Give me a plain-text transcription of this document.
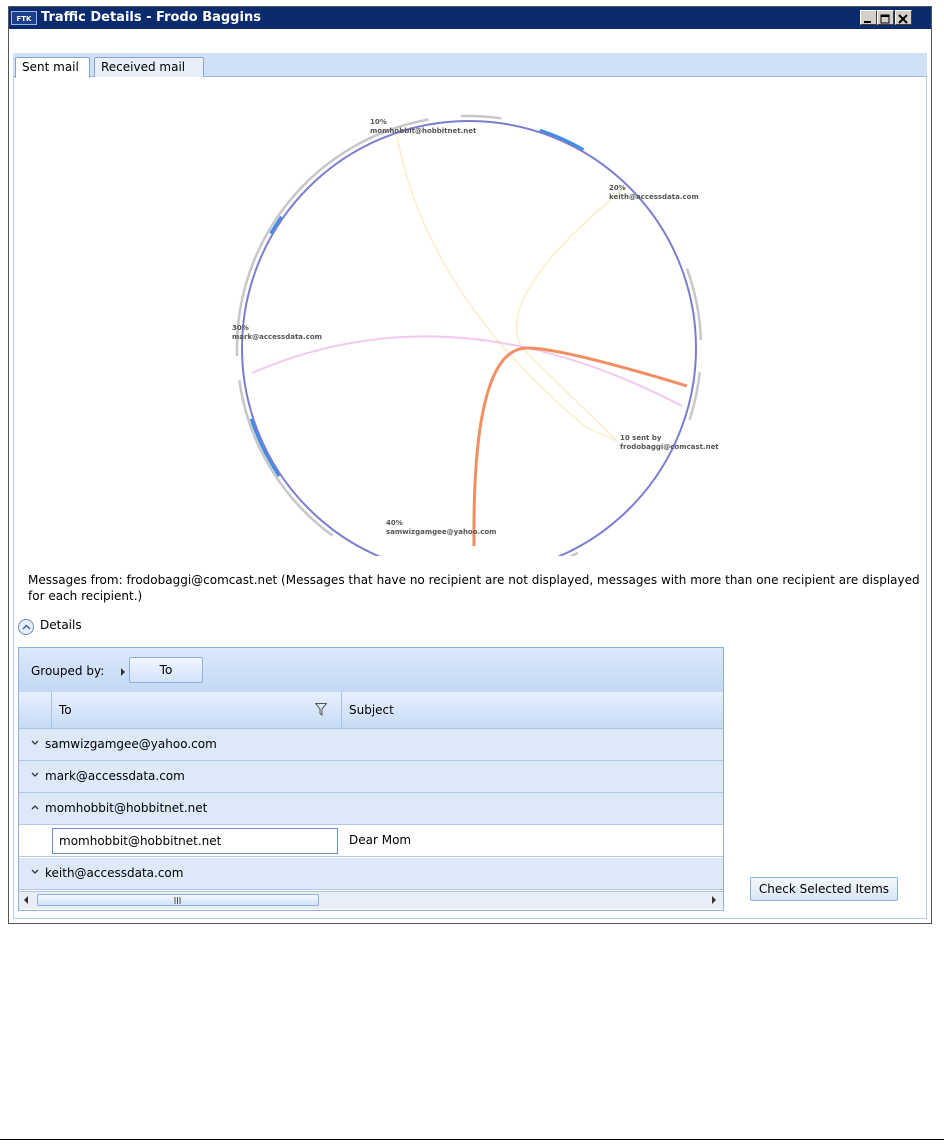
FTK Traffic Details - Frodo Baggins
Sent mail	Received mail
10%
momhobbit@hobbitnet.net
20%
keith@accessdata.com
30%
mark@accessdata.com
40%
samwizgamgee@yahoo.com
10 sent by
frodobaggi@comcast.net
Messages from: frodobaggi@comcast.net (Messages that have no recipient are not displayed, messages with more than one recipient are displayed for each recipient.)
Details
Grouped by:	To
To	Subject
samwizgamgee@yahoo.com
mark@accessdata.com
momhobbit@hobbitnet.net
momhobbit@hobbitnet.net	Dear Mom
keith@accessdata.com
Check Selected Items
